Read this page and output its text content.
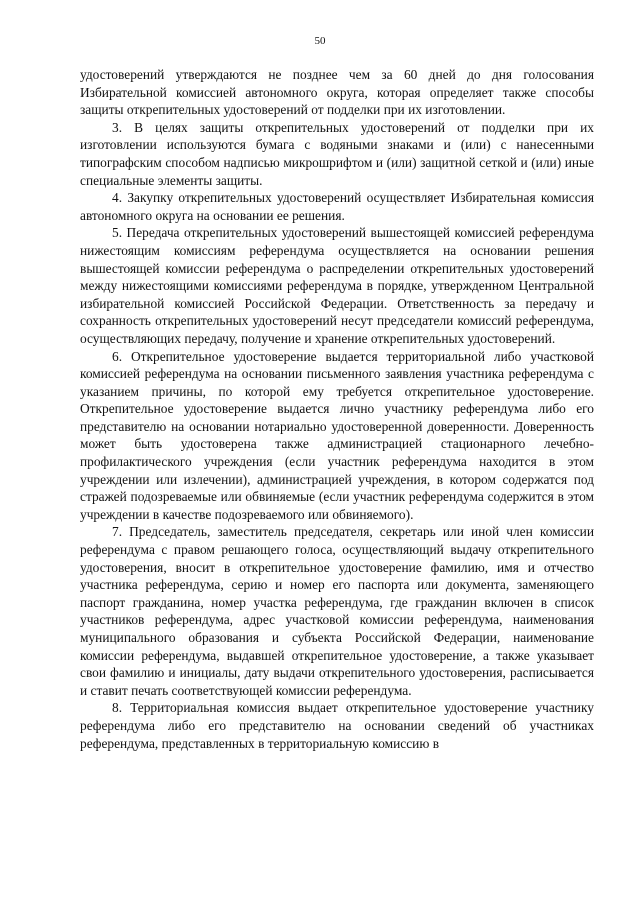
50

удостоверений утверждаются не позднее чем за 60 дней до дня голосования Избирательной комиссией автономного округа, которая определяет также способы защиты открепительных удостоверений от подделки при их изготовлении.

3. В целях защиты открепительных удостоверений от подделки при их изготовлении используются бумага с водяными знаками и (или) с нанесенными типографским способом надписью микрошрифтом и (или) защитной сеткой и (или) иные специальные элементы защиты.

4. Закупку открепительных удостоверений осуществляет Избирательная комиссия автономного округа на основании ее решения.

5. Передача открепительных удостоверений вышестоящей комиссией референдума нижестоящим комиссиям референдума осуществляется на основании решения вышестоящей комиссии референдума о распределении открепительных удостоверений между нижестоящими комиссиями референдума в порядке, утвержденном Центральной избирательной комиссией Российской Федерации. Ответственность за передачу и сохранность открепительных удостоверений несут председатели комиссий референдума, осуществляющих передачу, получение и хранение открепительных удостоверений.

6. Открепительное удостоверение выдается территориальной либо участковой комиссией референдума на основании письменного заявления участника референдума с указанием причины, по которой ему требуется открепительное удостоверение. Открепительное удостоверение выдается лично участнику референдума либо его представителю на основании нотариально удостоверенной доверенности. Доверенность может быть удостоверена также администрацией стационарного лечебно-профилактического учреждения (если участник референдума находится в этом учреждении или излечении), администрацией учреждения, в котором содержатся под стражей подозреваемые или обвиняемые (если участник референдума содержится в этом учреждении в качестве подозреваемого или обвиняемого).

7. Председатель, заместитель председателя, секретарь или иной член комиссии референдума с правом решающего голоса, осуществляющий выдачу открепительного удостоверения, вносит в открепительное удостоверение фамилию, имя и отчество участника референдума, серию и номер его паспорта или документа, заменяющего паспорт гражданина, номер участка референдума, где гражданин включен в список участников референдума, адрес участковой комиссии референдума, наименования муниципального образования и субъекта Российской Федерации, наименование комиссии референдума, выдавшей открепительное удостоверение, а также указывает свои фамилию и инициалы, дату выдачи открепительного удостоверения, расписывается и ставит печать соответствующей комиссии референдума.

8. Территориальная комиссия выдает открепительное удостоверение участнику референдума либо его представителю на основании сведений об участниках референдума, представленных в территориальную комиссию в
